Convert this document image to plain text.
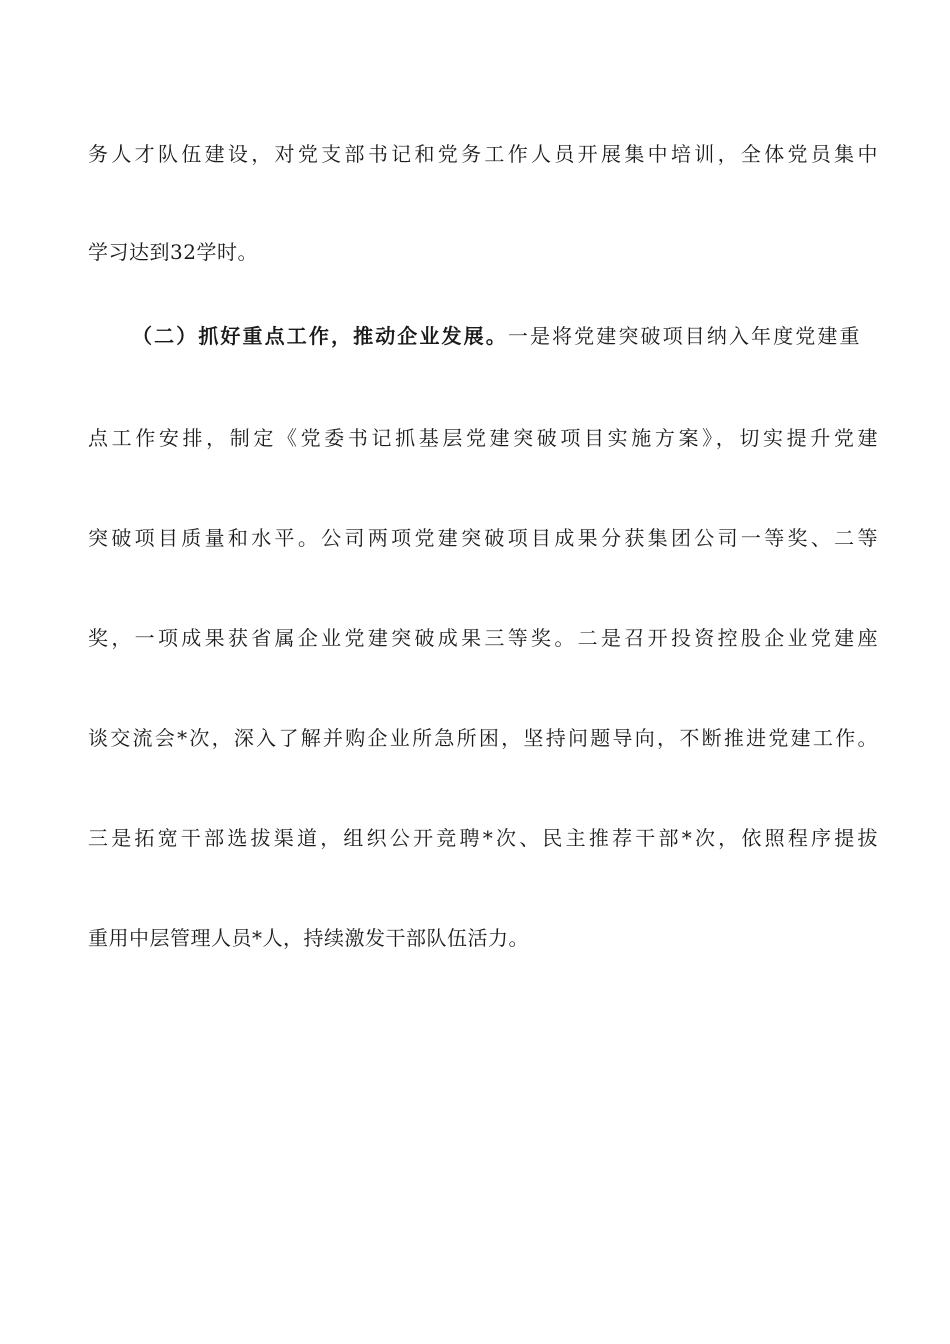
务人才队伍建设，对党支部书记和党务工作人员开展集中培训，全体党员集中
学习达到32学时。
（二）抓好重点工作，推动企业发展。一是将党建突破项目纳入年度党建重
点工作安排，制定《党委书记抓基层党建突破项目实施方案》，切实提升党建
突破项目质量和水平。公司两项党建突破项目成果分获集团公司一等奖、二等
奖，一项成果获省属企业党建突破成果三等奖。二是召开投资控股企业党建座
谈交流会*次，深入了解并购企业所急所困，坚持问题导向，不断推进党建工作。
三是拓宽干部选拔渠道，组织公开竞聘*次、民主推荐干部*次，依照程序提拔
重用中层管理人员*人，持续激发干部队伍活力。
